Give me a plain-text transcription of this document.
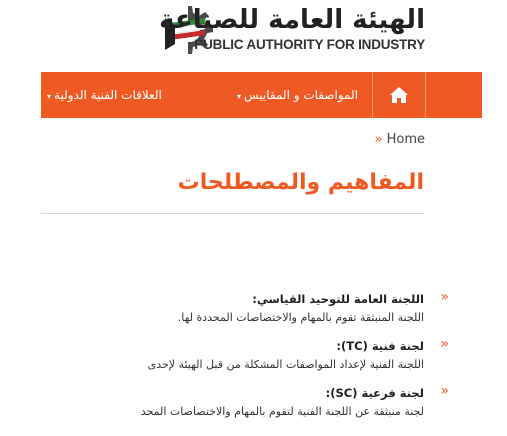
الهيئة العامة للصناعة
PUBLIC AUTHORITY FOR INDUSTRY
المواصفات و المقاييس▾
العلاقات الفنية الدولية▾
Home «
المفاهيم والمصطلحات
«
اللجنة العامة للتوحيد القياسي:
اللجنة المنبثقة تقوم بالمهام والاختصاصات المحددة لها.
«
لجنة فنية (TC):
اللجنة الفنية لإعداد المواصفات المشكلة من قبل الهيئة لإحدى
«
لجنة فرعية (SC):
لجنة منبثقة عن اللجنة الفنية لتقوم بالمهام والاختصاصات المحد
